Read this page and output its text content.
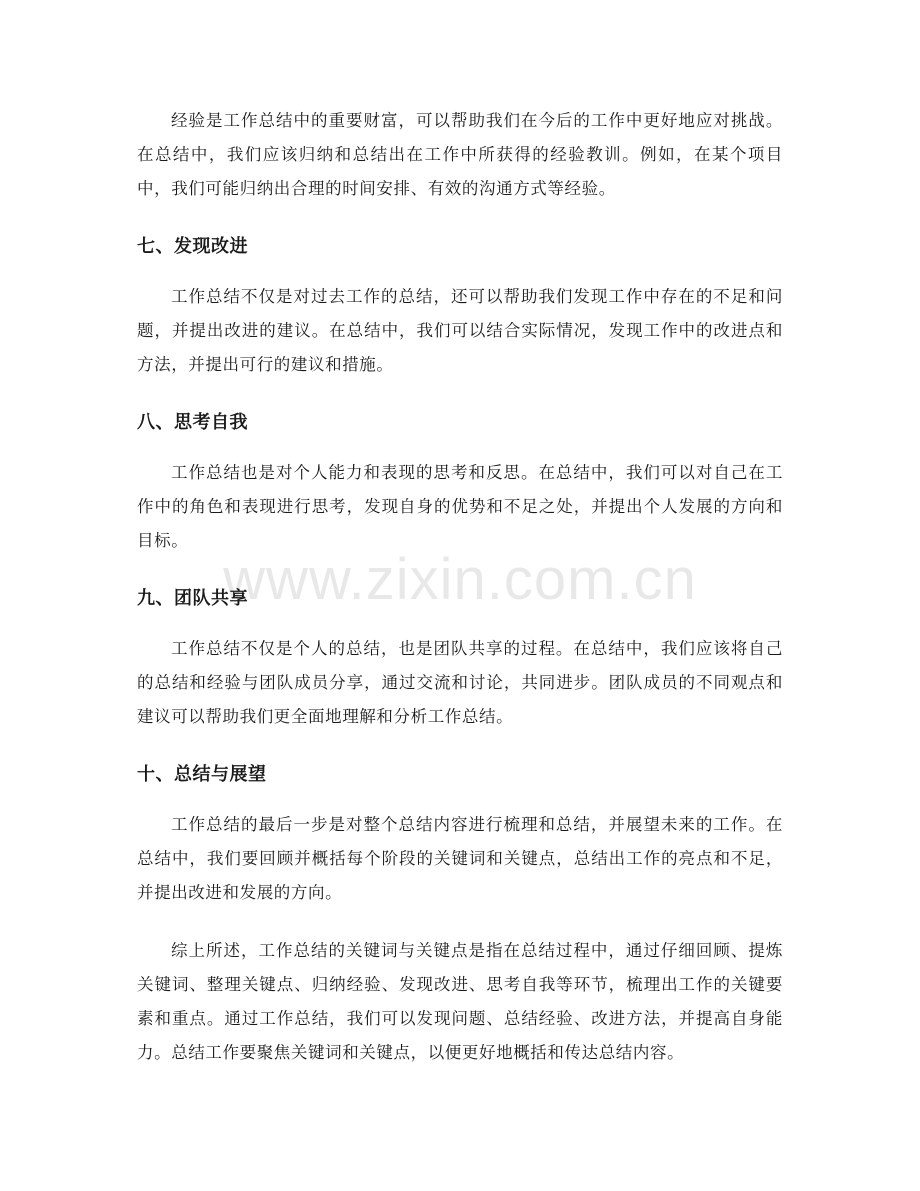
经验是工作总结中的重要财富，可以帮助我们在今后的工作中更好地应对挑战。在总结中，我们应该归纳和总结出在工作中所获得的经验教训。例如，在某个项目中，我们可能归纳出合理的时间安排、有效的沟通方式等经验。

七、发现改进

工作总结不仅是对过去工作的总结，还可以帮助我们发现工作中存在的不足和问题，并提出改进的建议。在总结中，我们可以结合实际情况，发现工作中的改进点和方法，并提出可行的建议和措施。

八、思考自我

工作总结也是对个人能力和表现的思考和反思。在总结中，我们可以对自己在工作中的角色和表现进行思考，发现自身的优势和不足之处，并提出个人发展的方向和目标。

九、团队共享

工作总结不仅是个人的总结，也是团队共享的过程。在总结中，我们应该将自己的总结和经验与团队成员分享，通过交流和讨论，共同进步。团队成员的不同观点和建议可以帮助我们更全面地理解和分析工作总结。

十、总结与展望

工作总结的最后一步是对整个总结内容进行梳理和总结，并展望未来的工作。在总结中，我们要回顾并概括每个阶段的关键词和关键点，总结出工作的亮点和不足，并提出改进和发展的方向。

综上所述，工作总结的关键词与关键点是指在总结过程中，通过仔细回顾、提炼关键词、整理关键点、归纳经验、发现改进、思考自我等环节，梳理出工作的关键要素和重点。通过工作总结，我们可以发现问题、总结经验、改进方法，并提高自身能力。总结工作要聚焦关键词和关键点，以便更好地概括和传达总结内容。

www.zixin.com.cn
